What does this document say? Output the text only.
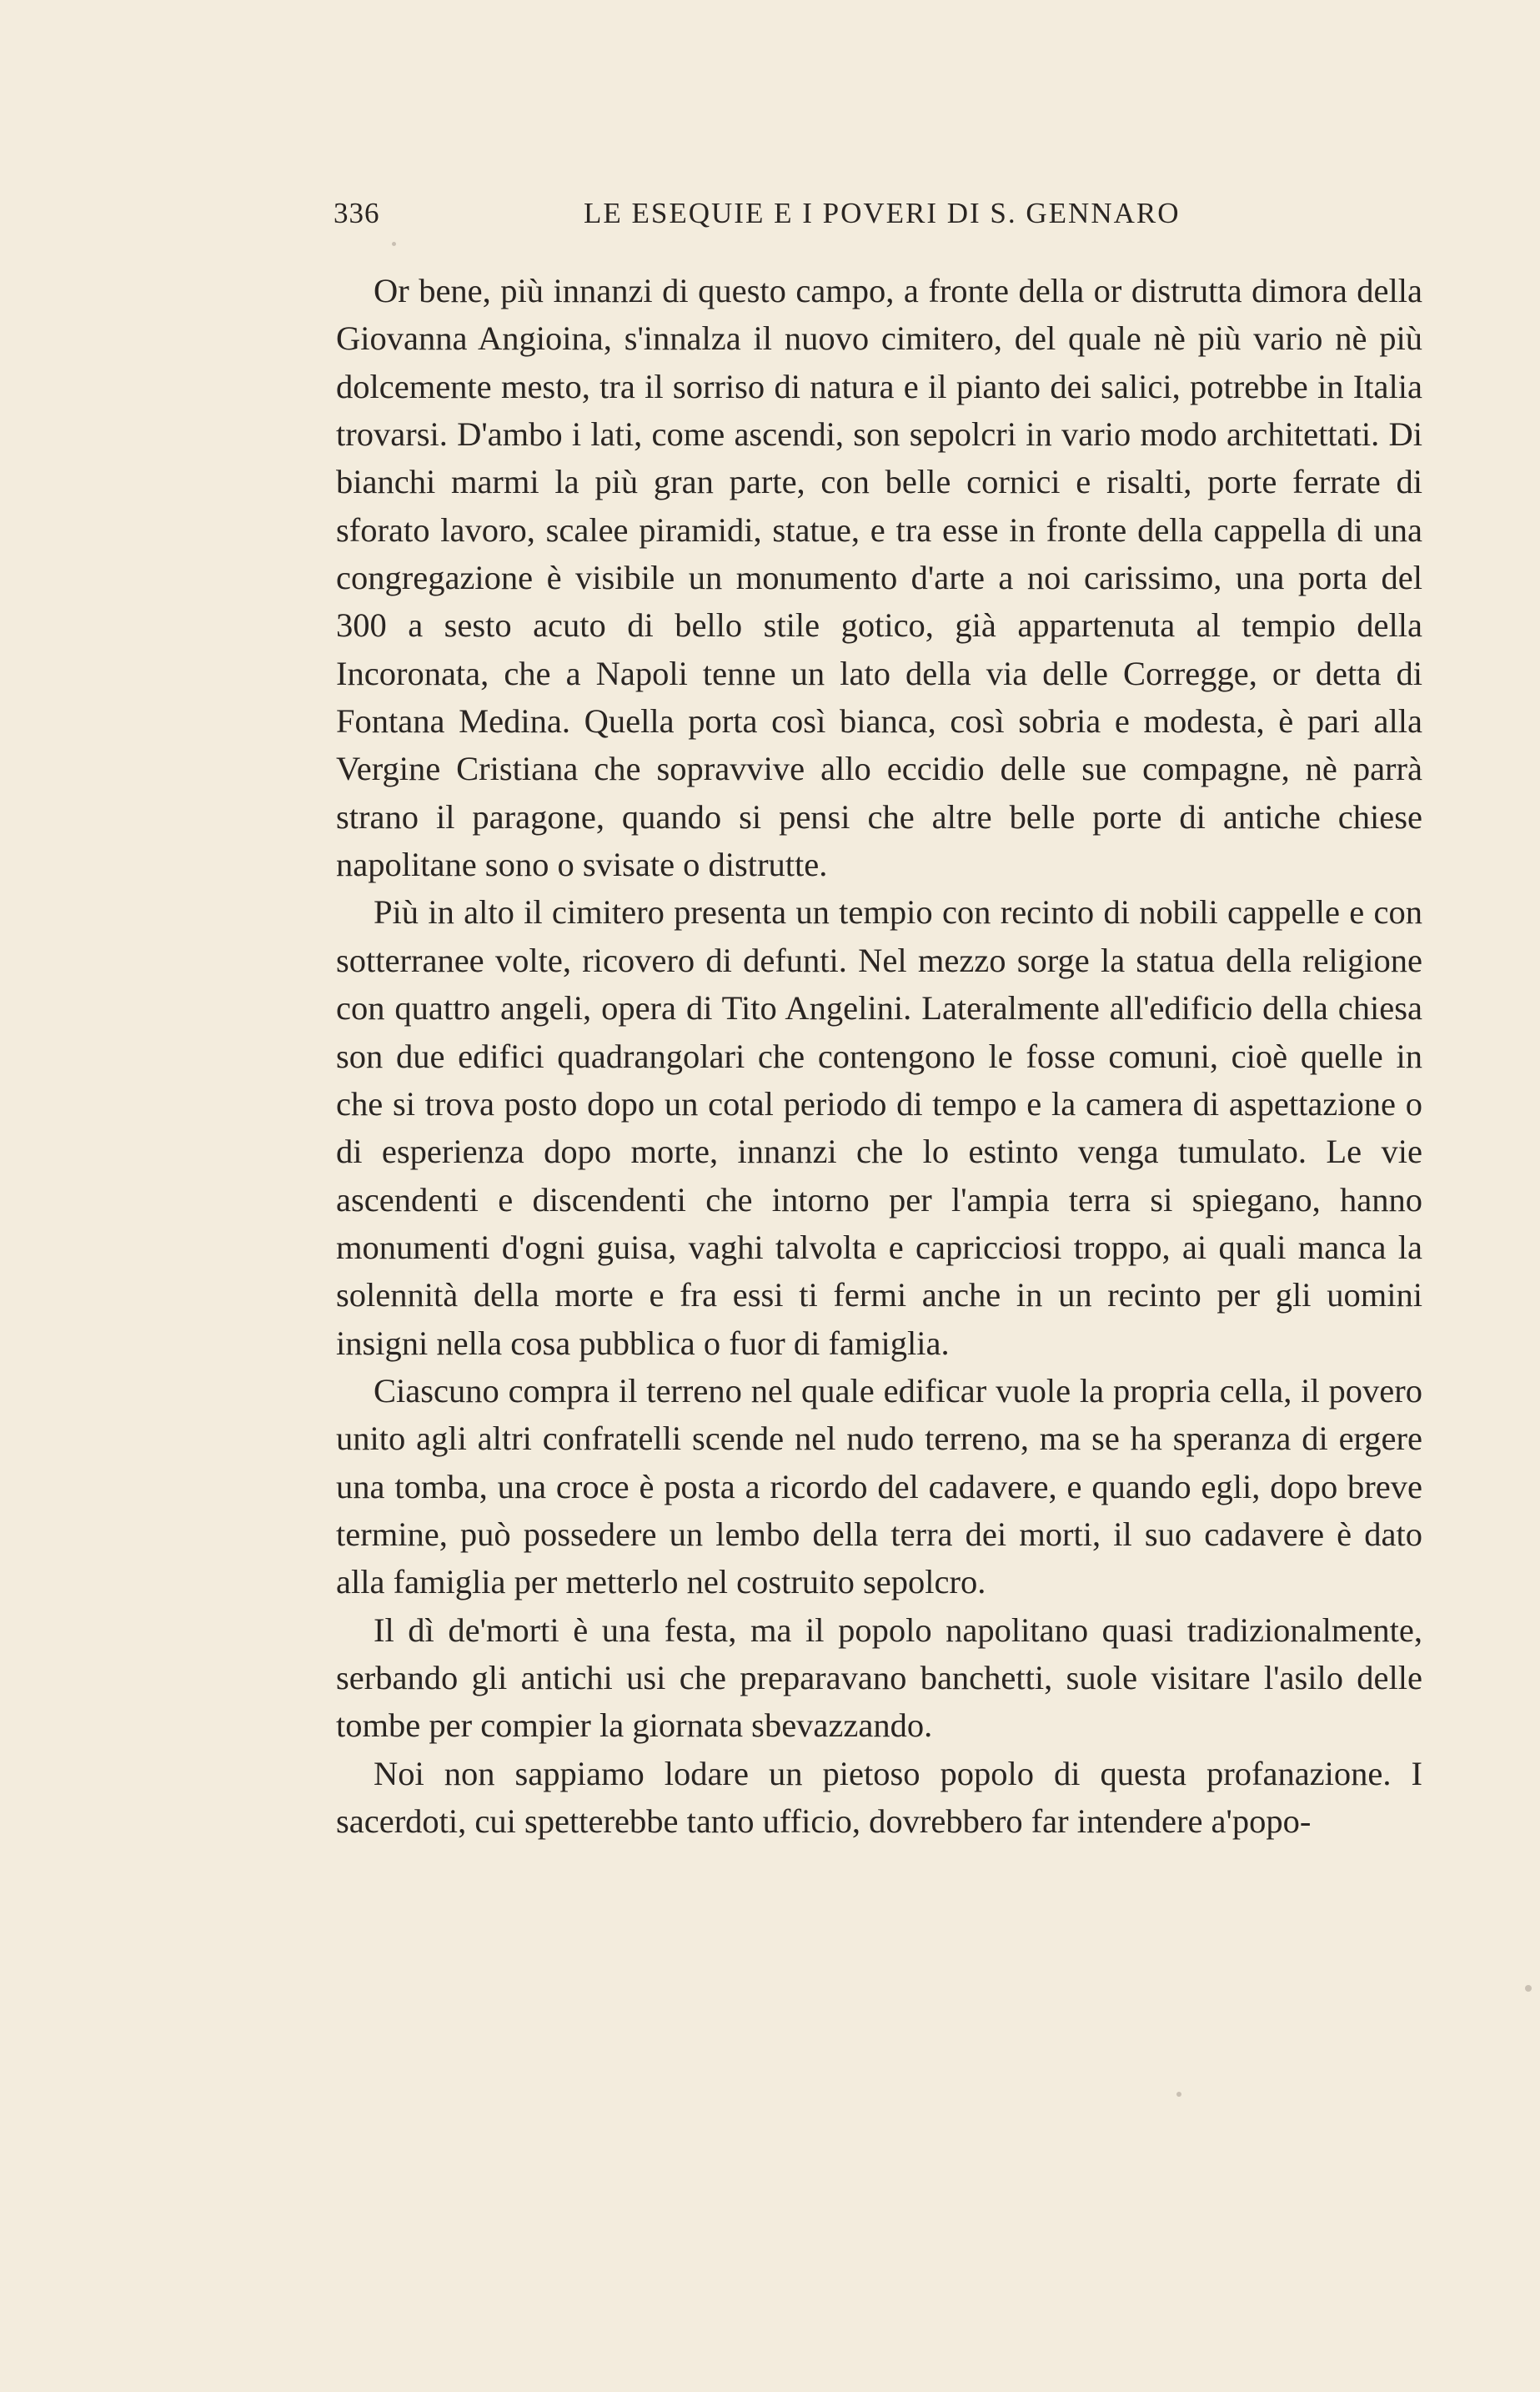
336	LE ESEQUIE E I POVERI DI S. GENNARO

Or bene, più innanzi di questo campo, a fronte della or distrutta dimora della Giovanna Angioina, s'innalza il nuovo cimitero, del quale nè più vario nè più dolcemente mesto, tra il sorriso di natura e il pianto dei salici, potrebbe in Italia trovarsi. D'ambo i lati, come ascendi, son sepolcri in vario modo architettati. Di bianchi marmi la più gran parte, con belle cornici e risalti, porte ferrate di sforato lavoro, scalee piramidi, statue, e tra esse in fronte della cappella di una congregazione è visibile un monumento d'arte a noi carissimo, una porta del 300 a sesto acuto di bello stile gotico, già appartenuta al tempio della Incoronata, che a Napoli tenne un lato della via delle Corregge, or detta di Fontana Medina. Quella porta così bianca, così sobria e modesta, è pari alla Vergine Cristiana che sopravvive allo eccidio delle sue compagne, nè parrà strano il paragone, quando si pensi che altre belle porte di antiche chiese napolitane sono o svisate o distrutte.

Più in alto il cimitero presenta un tempio con recinto di nobili cappelle e con sotterranee volte, ricovero di defunti. Nel mezzo sorge la statua della religione con quattro angeli, opera di Tito Angelini. Lateralmente all'edificio della chiesa son due edifici quadrangolari che contengono le fosse comuni, cioè quelle in che si trova posto dopo un cotal periodo di tempo e la camera di aspettazione o di esperienza dopo morte, innanzi che lo estinto venga tumulato. Le vie ascendenti e discendenti che intorno per l'ampia terra si spiegano, hanno monumenti d'ogni guisa, vaghi talvolta e capricciosi troppo, ai quali manca la solennità della morte e fra essi ti fermi anche in un recinto per gli uomini insigni nella cosa pubblica o fuor di famiglia.

Ciascuno compra il terreno nel quale edificar vuole la propria cella, il povero unito agli altri confratelli scende nel nudo terreno, ma se ha speranza di ergere una tomba, una croce è posta a ricordo del cadavere, e quando egli, dopo breve termine, può possedere un lembo della terra dei morti, il suo cadavere è dato alla famiglia per metterlo nel costruito sepolcro.

Il dì de'morti è una festa, ma il popolo napolitano quasi tradizionalmente, serbando gli antichi usi che preparavano banchetti, suole visitare l'asilo delle tombe per compier la giornata sbevazzando.

Noi non sappiamo lodare un pietoso popolo di questa profanazione. I sacerdoti, cui spetterebbe tanto ufficio, dovrebbero far intendere a'popo-
